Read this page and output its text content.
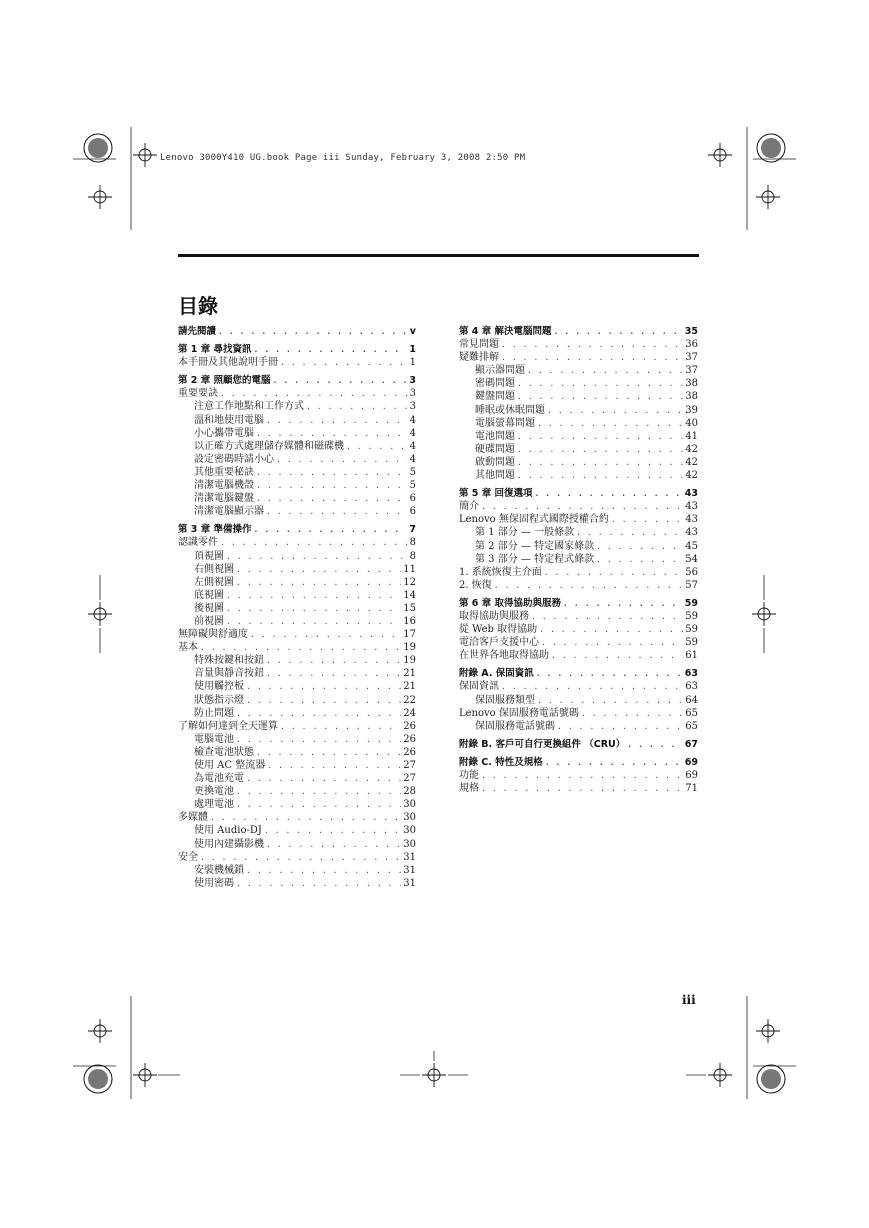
Lenovo 3000Y410 UG.book Page iii Sunday, February 3, 2008 2:50 PM
目錄
請先閱讀 . . .	v
第 1 章 尋找資訊 . . .	1
本手冊及其他說明手冊 . . .	1
第 2 章 照顧您的電腦 . . .	3
重要要訣 . . .	3
注意工作地點和工作方式 . . .	3
溫和地使用電腦 . . .	4
小心攜帶電腦 . . .	4
以正確方式處理儲存媒體和磁碟機 . . .	4
設定密碼時請小心 . . .	4
其他重要秘訣 . . .	5
清潔電腦機殼 . . .	5
清潔電腦鍵盤 . . .	6
清潔電腦顯示器 . . .	6
第 3 章 準備操作 . . .	7
認識零件 . . .	8
頂視圖 . . .	8
右側視圖 . . .	11
左側視圖 . . .	12
底視圖 . . .	14
後視圖 . . .	15
前視圖 . . .	16
無障礙與舒適度 . . .	17
基本 . . .	19
特殊按鍵和按鈕 . . .	19
音量與靜音按鈕 . . .	21
使用觸控板 . . .	21
狀態指示燈 . . .	22
防止問題 . . .	24
了解如何達到全天運算 . . .	26
電腦電池 . . .	26
檢查電池狀態 . . .	26
使用 AC 整流器 . . .	27
為電池充電 . . .	27
更換電池 . . .	28
處理電池 . . .	30
多媒體 . . .	30
使用 Audio-DJ . . .	30
使用內建攝影機 . . .	30
安全 . . .	31
安裝機械鎖 . . .	31
使用密碼 . . .	31
第 4 章 解決電腦問題 . . .	35
常見問題 . . .	36
疑難排解 . . .	37
顯示器問題 . . .	37
密碼問題 . . .	38
鍵盤問題 . . .	38
睡眠或休眠問題 . . .	39
電腦螢幕問題 . . .	40
電池問題 . . .	41
硬碟問題 . . .	42
啟動問題 . . .	42
其他問題 . . .	42
第 5 章 回復選項 . . .	43
簡介 . . .	43
Lenovo 無保固程式國際授權合約 . . .	43
第 1 部分 — 一般條款 . . .	43
第 2 部分 — 特定國家條款 . . .	45
第 3 部分 — 特定程式條款 . . .	54
1. 系統恢復主介面 . . .	56
2. 恢復 . . .	57
第 6 章 取得協助與服務 . . .	59
取得協助與服務 . . .	59
從 Web 取得協助 . . .	59
電洽客戶支援中心 . . .	59
在世界各地取得協助 . . .	61
附錄 A. 保固資訊 . . .	63
保固資訊 . . .	63
保固服務類型 . . .	64
Lenovo 保固服務電話號碼 . . .	65
保固服務電話號碼 . . .	65
附錄 B. 客戶可自行更換組件 （CRU） . . .	67
附錄 C. 特性及規格 . . .	69
功能 . . .	69
規格 . . .	71
iii
